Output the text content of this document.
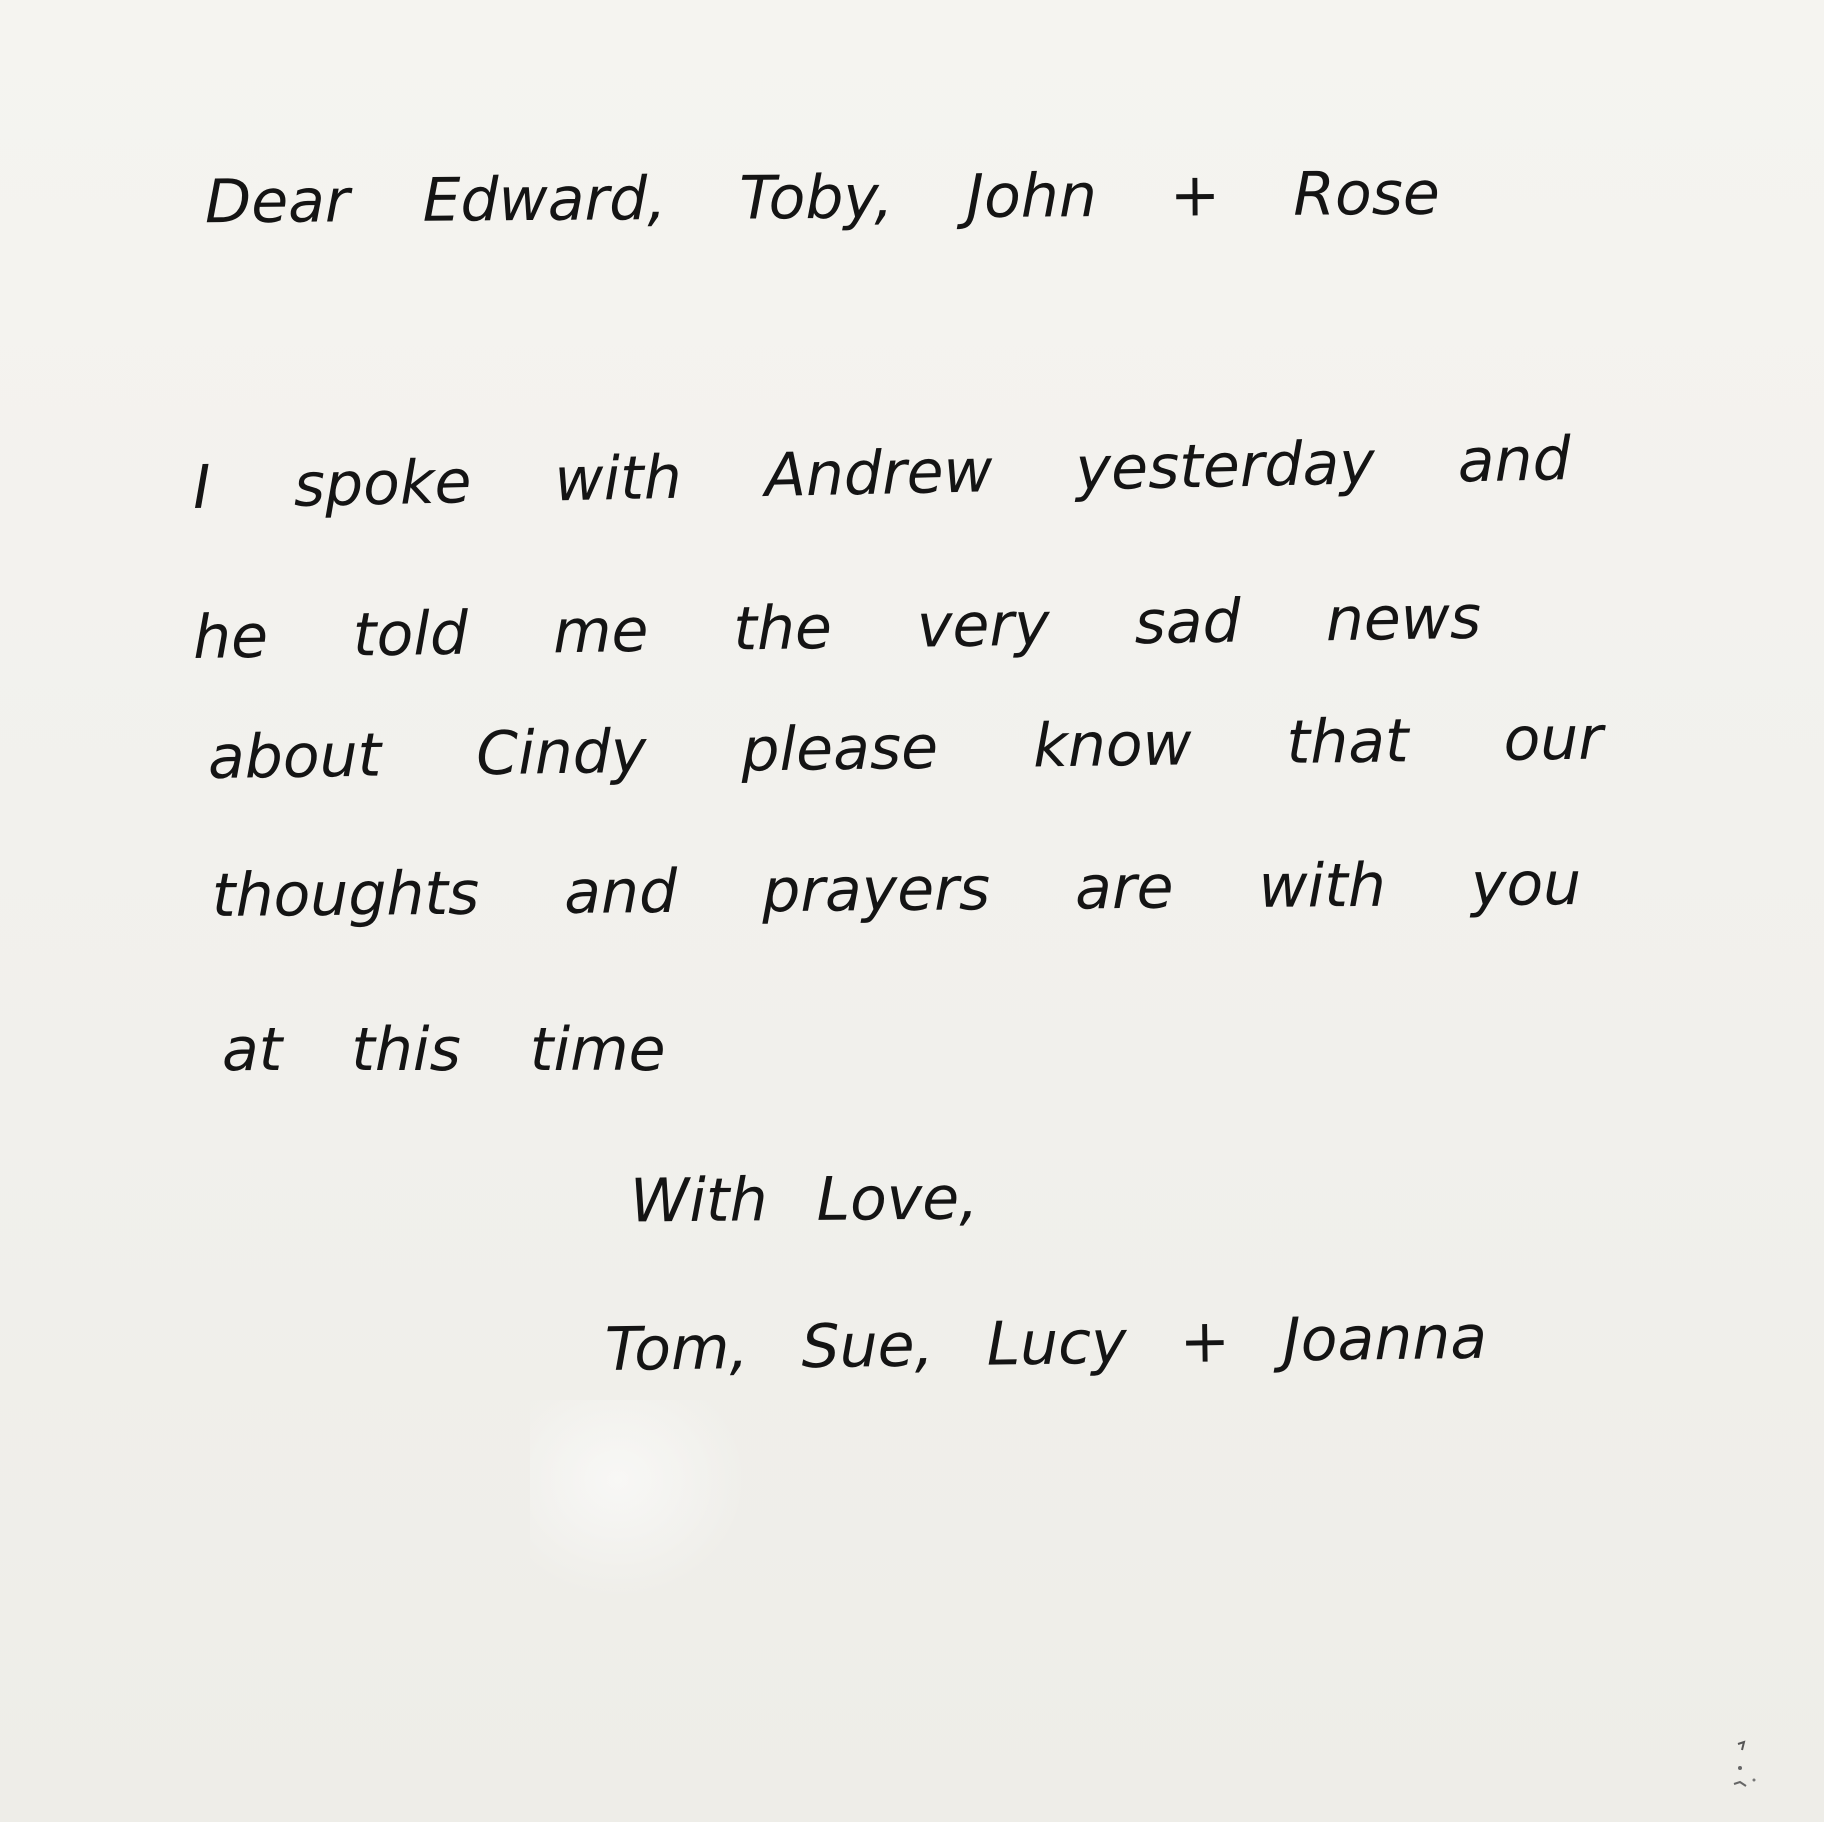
Dear Edward, Toby, John + Rose

I spoke with Andrew yesterday and

he told me the very sad news

about Cindy please know that our

thoughts and prayers are with you

at this time

With Love,

Tom, Sue, Lucy + Joanna
